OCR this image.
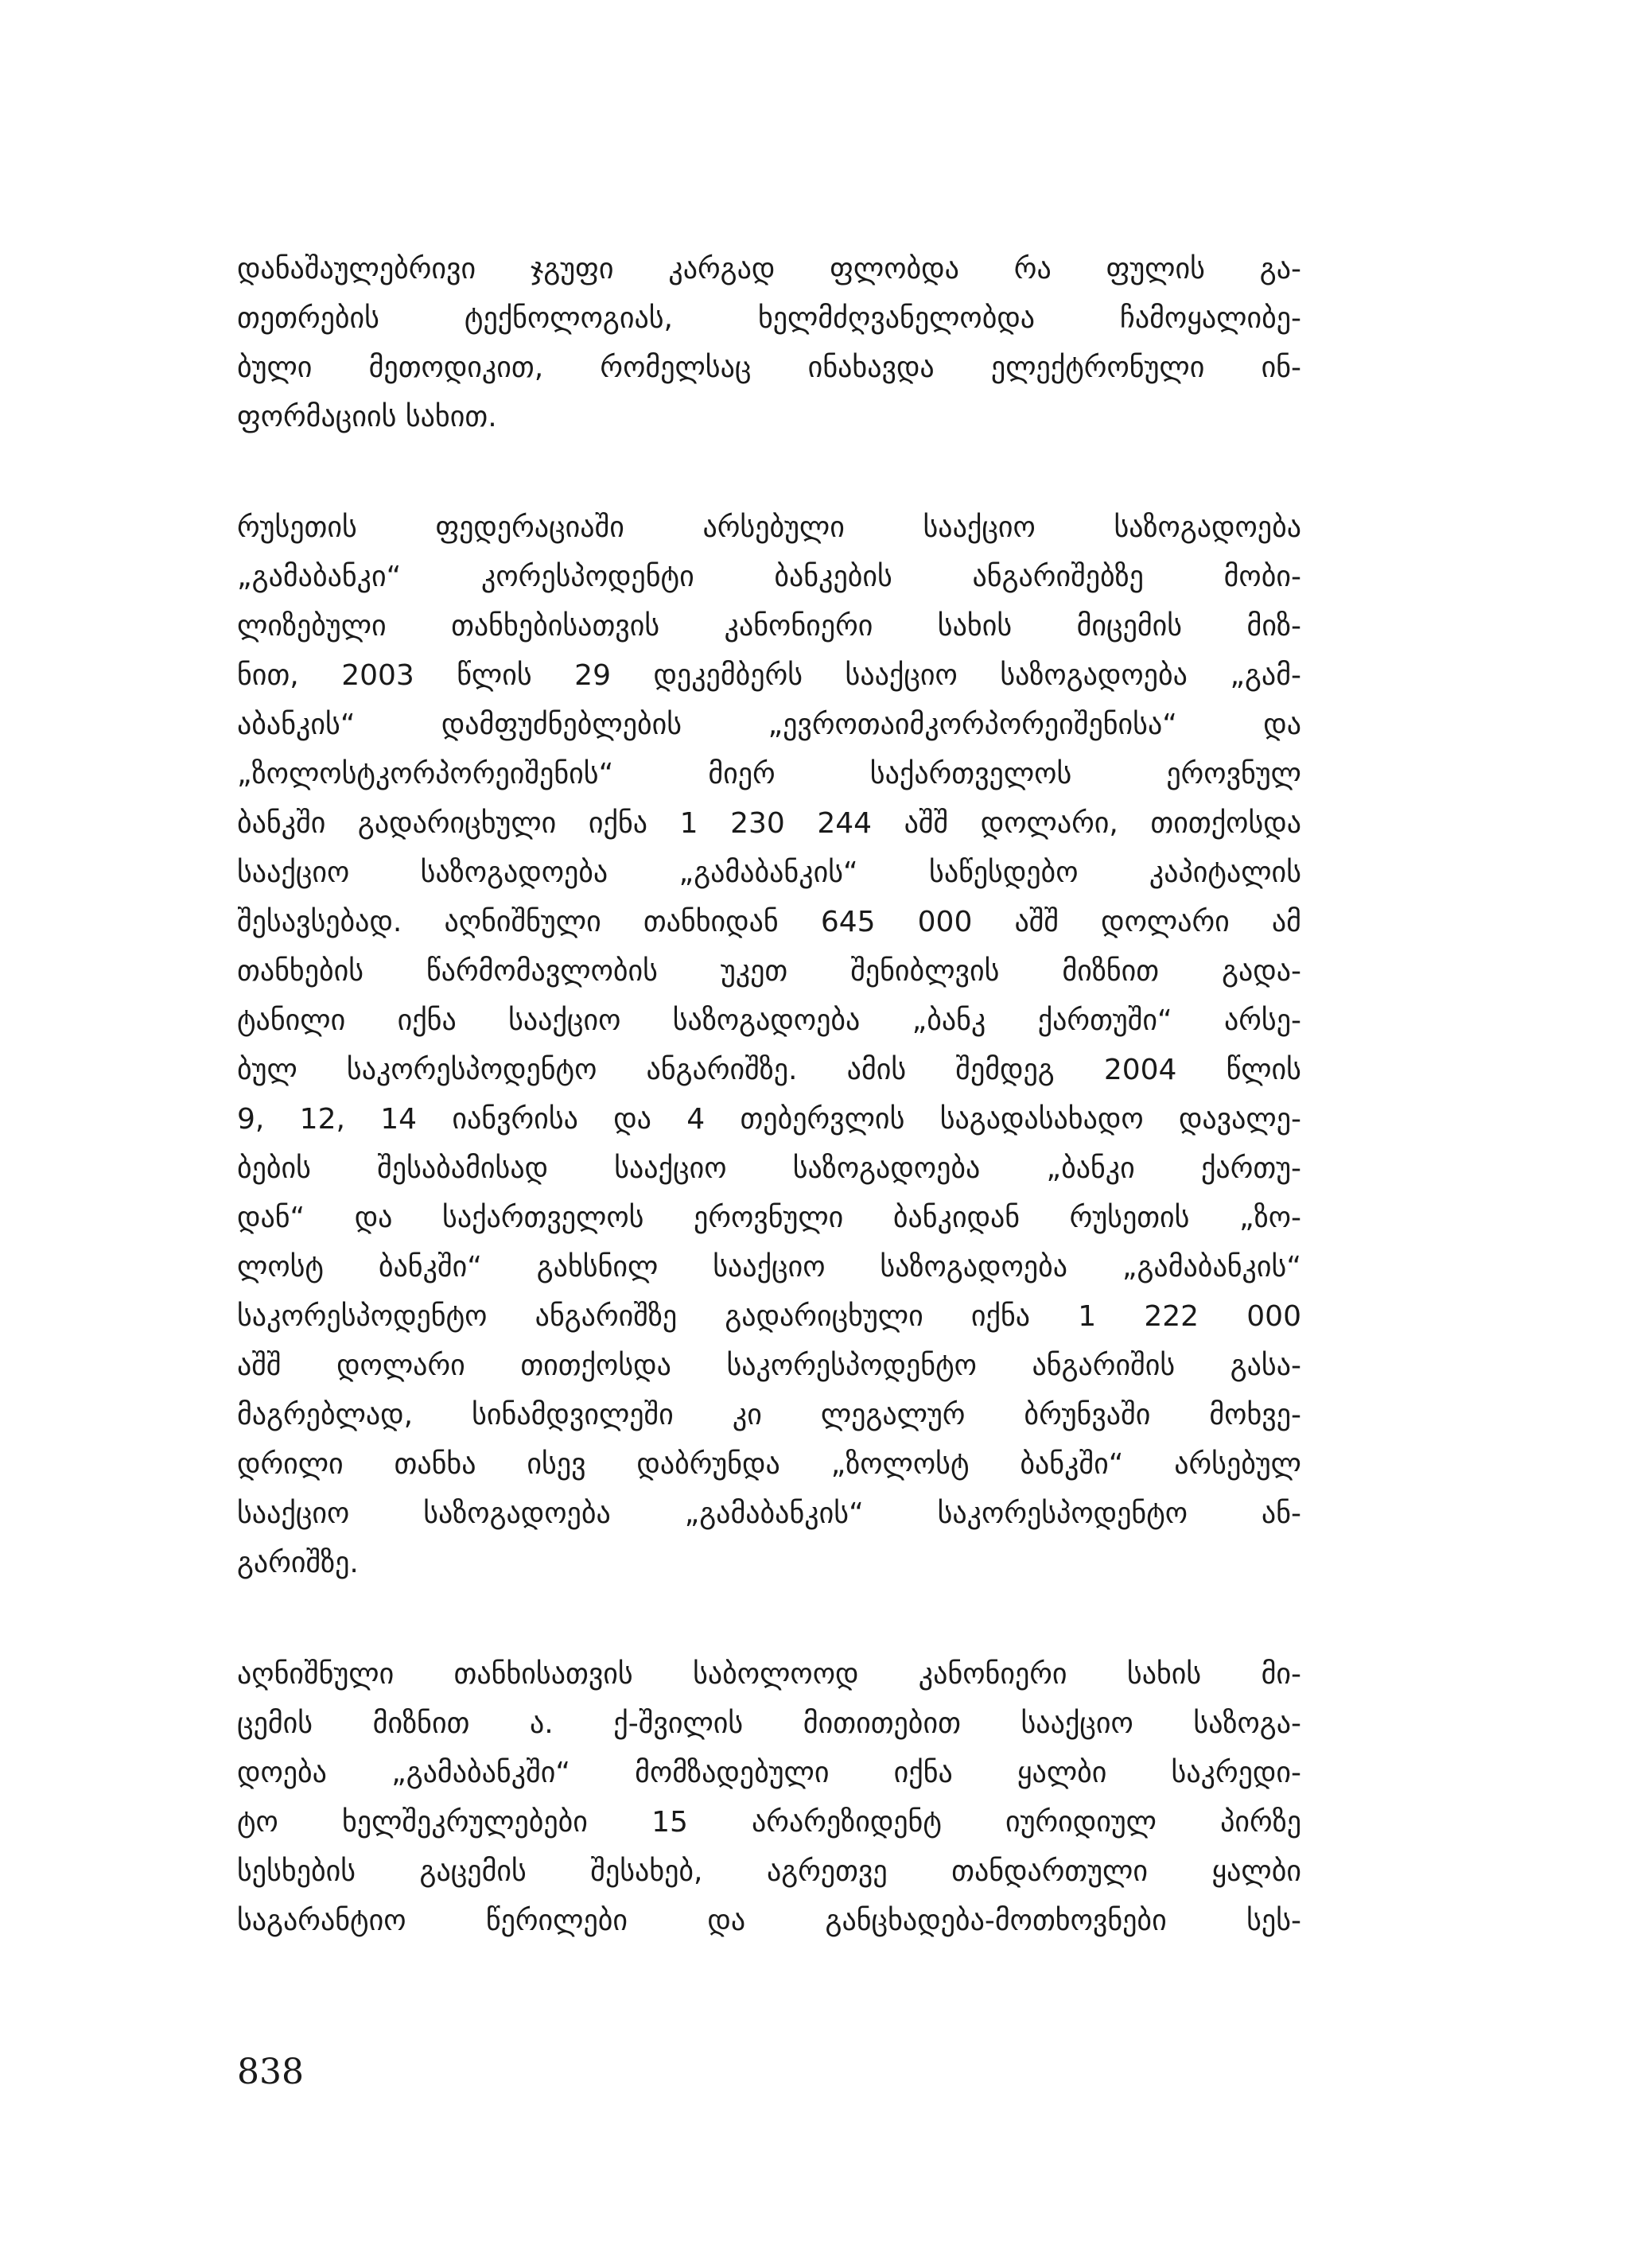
დანაშაულებრივი ჯგუფი კარგად ფლობდა რა ფულის გა-
თეთრების ტექნოლოგიას, ხელმძღვანელობდა ჩამოყალიბე-
ბული მეთოდიკით, რომელსაც ინახავდა ელექტრონული ინ-
ფორმაციის სახით.
რუსეთის ფედერაციაში არსებული სააქციო საზოგადოება
„გამაბანკი“ კორესპოდენტი ბანკების ანგარიშებზე მობი-
ლიზებული თანხებისათვის კანონიერი სახის მიცემის მიზ-
ნით, 2003 წლის 29 დეკემბერს სააქციო საზოგადოება „გამ-
აბანკის“ დამფუძნებლების „ევროთაიმკორპორეიშენისა“ და
„ზოლოსტკორპორეიშენის“ მიერ საქართველოს ეროვნულ
ბანკში გადარიცხული იქნა 1 230 244 აშშ დოლარი, თითქოსდა
სააქციო საზოგადოება „გამაბანკის“ საწესდებო კაპიტალის
შესავსებად. აღნიშნული თანხიდან 645 000 აშშ დოლარი ამ
თანხების წარმომავლობის უკეთ შენიბლვის მიზნით გადა-
ტანილი იქნა სააქციო საზოგადოება „ბანკ ქართუში“ არსე-
ბულ საკორესპოდენტო ანგარიშზე. ამის შემდეგ 2004 წლის
9, 12, 14 იანვრისა და 4 თებერვლის საგადასახადო დავალე-
ბების შესაბამისად სააქციო საზოგადოება „ბანკი ქართუ-
დან“ და საქართველოს ეროვნული ბანკიდან რუსეთის „ზო-
ლოსტ ბანკში“ გახსნილ სააქციო საზოგადოება „გამაბანკის“
საკორესპოდენტო ანგარიშზე გადარიცხული იქნა 1 222 000
აშშ დოლარი თითქოსდა საკორესპოდენტო ანგარიშის გასა-
მაგრებლად, სინამდვილეში კი ლეგალურ ბრუნვაში მოხვე-
დრილი თანხა ისევ დაბრუნდა „ზოლოსტ ბანკში“ არსებულ
სააქციო საზოგადოება „გამაბანკის“ საკორესპოდენტო ან-
გარიშზე.
აღნიშნული თანხისათვის საბოლოოდ კანონიერი სახის მი-
ცემის მიზნით ა. ქ-შვილის მითითებით სააქციო საზოგა-
დოება „გამაბანკში“ მომზადებული იქნა ყალბი საკრედი-
ტო ხელშეკრულებები 15 არარეზიდენტ იურიდიულ პირზე
სესხების გაცემის შესახებ, აგრეთვე თანდართული ყალბი
საგარანტიო წერილები და განცხადება-მოთხოვნები სეს-
838
